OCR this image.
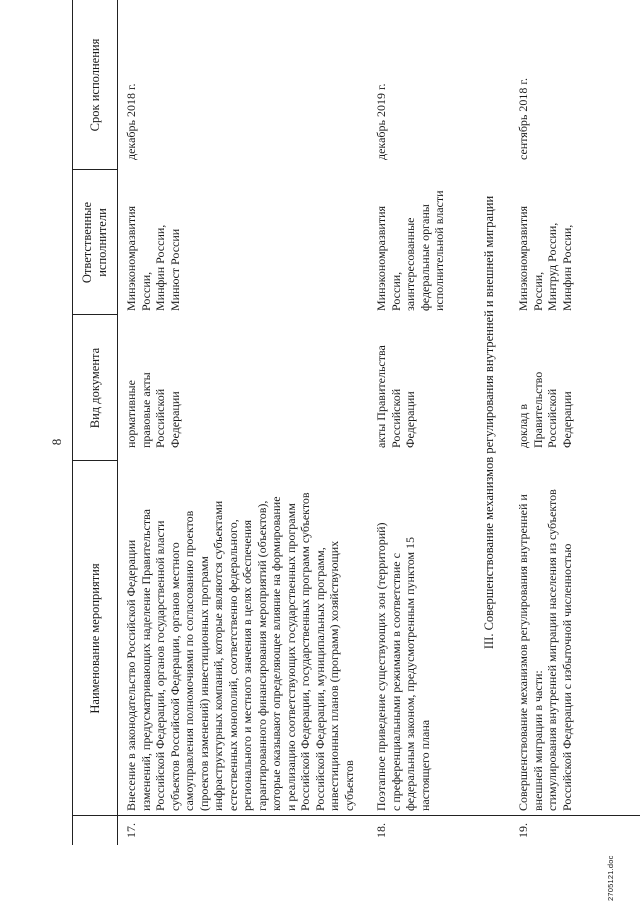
8
2705121.doc
Наименование мероприятия
Вид документа
Ответственные
исполнители
Срок исполнения
17.
Внесение в законодательство Российской Федерации
изменений, предусматривающих наделение Правительства
Российской Федерации, органов государственной власти
субъектов Российской Федерации, органов местного
самоуправления полномочиями по согласованию проектов
(проектов изменений) инвестиционных программ
инфраструктурных компаний, которые являются субъектами
естественных монополий, соответственно федерального,
регионального и местного значения в целях обеспечения
гарантированного финансирования мероприятий (объектов),
которые оказывают определяющее влияние на формирование
и реализацию соответствующих государственных программ
Российской Федерации, государственных программ субъектов
Российской Федерации, муниципальных программ,
инвестиционных планов (программ) хозяйствующих
субъектов
нормативные
правовые акты
Российской
Федерации
Минэкономразвития
России,
Минфин России,
Минюст России
декабрь 2018 г.
18.
Поэтапное приведение существующих зон (территорий)
с преференциальными режимами в соответствие с
федеральным законом, предусмотренным пунктом 15
настоящего плана
акты Правительства
Российской
Федерации
Минэкономразвития
России,
заинтересованные
федеральные органы
исполнительной власти
декабрь 2019 г.
III. Совершенствование механизмов регулирования внутренней и внешней миграции
19.
Совершенствование механизмов регулирования внутренней и
внешней миграции в части:
стимулирования внутренней миграции населения из субъектов
Российской Федерации с избыточной численностью
доклад в
Правительство
Российской
Федерации
Минэкономразвития
России,
Минтруд России,
Минфин России,
сентябрь 2018 г.
